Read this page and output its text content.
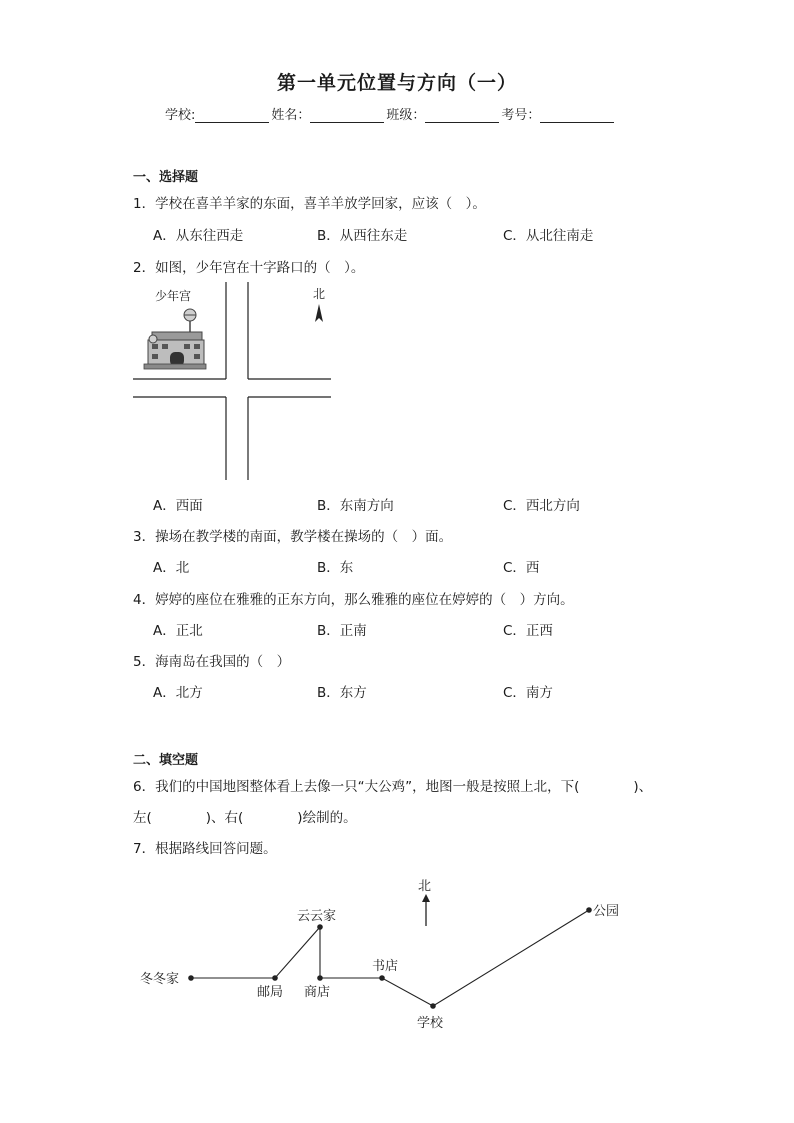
第一单元位置与方向（一）
学校:	姓名：	班级：	考号：
一、选择题
1．学校在喜羊羊家的东面，喜羊羊放学回家，应该（　）。
A．从东往西走	B．从西往东走	C．从北往南走
2．如图，少年宫在十字路口的（　）。
少年宫	北
A．西面	B．东南方向	C．西北方向
3．操场在教学楼的南面，教学楼在操场的（　）面。
A．北	B．东	C．西
4．婷婷的座位在雅雅的正东方向，那么雅雅的座位在婷婷的（　）方向。
A．正北	B．正南	C．正西
5．海南岛在我国的（　）
A．北方	B．东方	C．南方
二、填空题
6．我们的中国地图整体看上去像一只“大公鸡”，地图一般是按照上北，下(　　　　)、
左(　　　　)、右(　　　　)绘制的。
7．根据路线回答问题。
北
冬冬家
邮局
云云家
商店
书店
学校
公园
